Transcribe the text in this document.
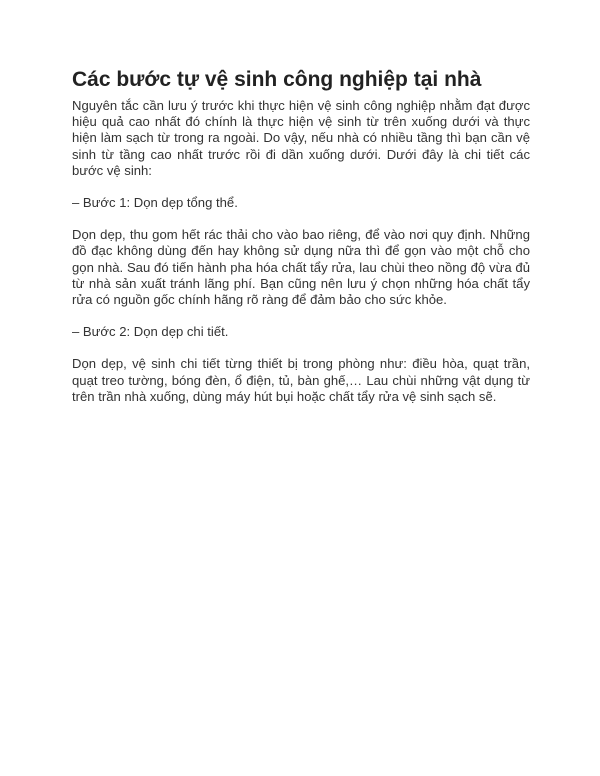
Các bước tự vệ sinh công nghiệp tại nhà

Nguyên tắc cần lưu ý trước khi thực hiện vệ sinh công nghiệp nhằm đạt được hiệu quả cao nhất đó chính là thực hiện vệ sinh từ trên xuống dưới và thực hiện làm sạch từ trong ra ngoài. Do vậy, nếu nhà có nhiều tầng thì bạn cần vệ sinh từ tầng cao nhất trước rồi đi dần xuống dưới. Dưới đây là chi tiết các bước vệ sinh:

– Bước 1: Dọn dẹp tổng thể.

Dọn dẹp, thu gom hết rác thải cho vào bao riêng, để vào nơi quy định. Những đồ đạc không dùng đến hay không sử dụng nữa thì để gọn vào một chỗ cho gọn nhà. Sau đó tiến hành pha hóa chất tẩy rửa, lau chùi theo nồng độ vừa đủ từ nhà sản xuất tránh lãng phí. Bạn cũng nên lưu ý chọn những hóa chất tẩy rửa có nguồn gốc chính hãng rõ ràng để đảm bảo cho sức khỏe.

– Bước 2: Dọn dẹp chi tiết.

Dọn dẹp, vệ sinh chi tiết từng thiết bị trong phòng như: điều hòa, quạt trần, quạt treo tường, bóng đèn, ổ điện, tủ, bàn ghế,… Lau chùi những vật dụng từ trên trần nhà xuống, dùng máy hút bụi hoặc chất tẩy rửa vệ sinh sạch sẽ.
